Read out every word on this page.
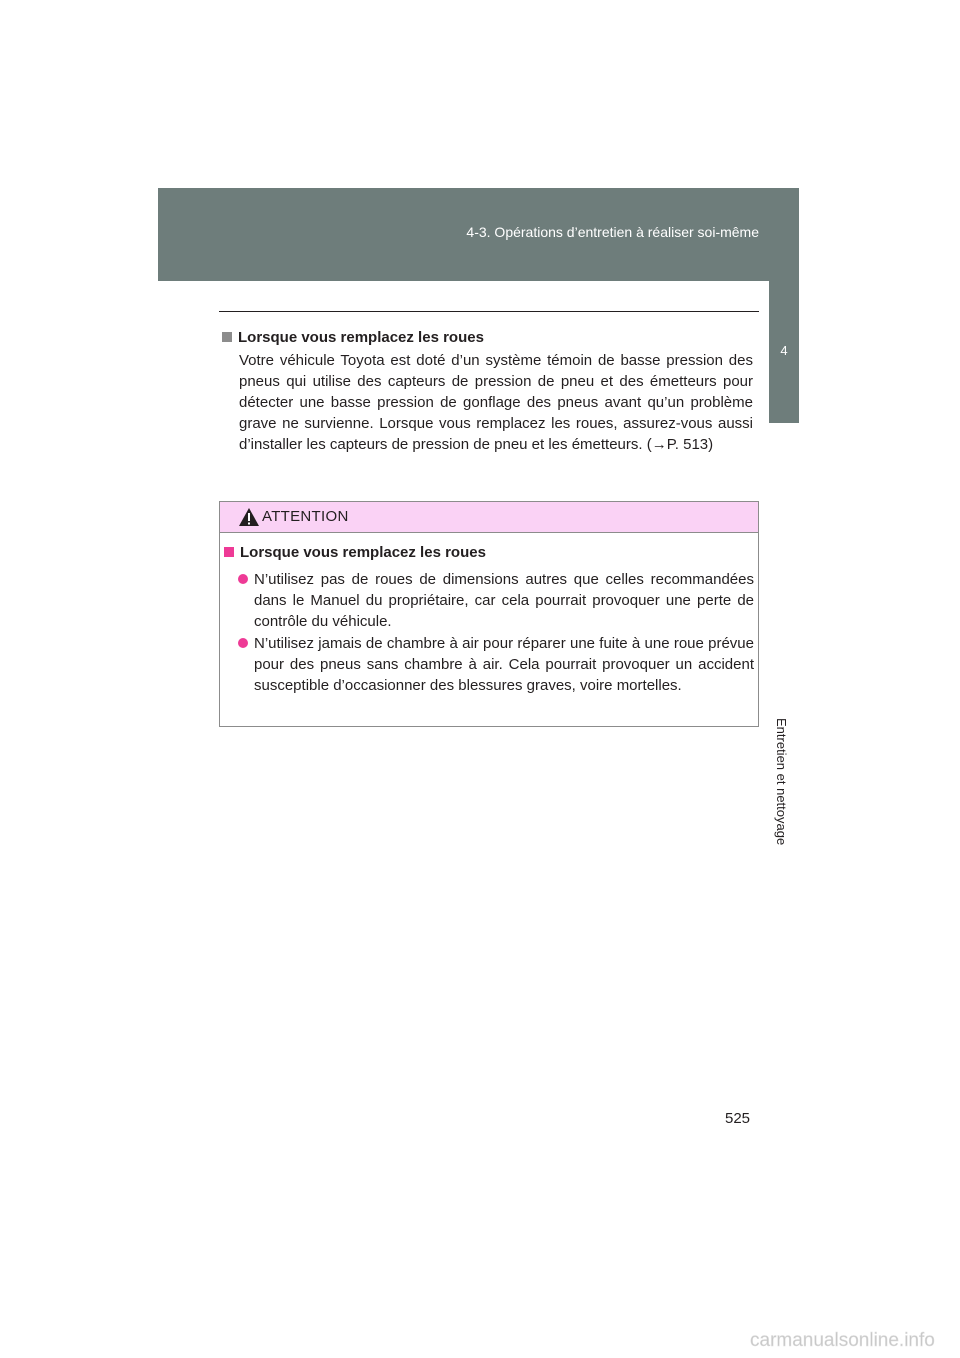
4-3. Opérations d’entretien à réaliser soi-même
4
Entretien et nettoyage
Lorsque vous remplacez les roues
Votre véhicule Toyota est doté d’un système témoin de basse pression des pneus qui utilise des capteurs de pression de pneu et des émetteurs pour détecter une basse pression de gonflage des pneus avant qu’un problème grave ne survienne. Lorsque vous remplacez les roues, assurez-vous aussi d’installer les capteurs de pression de pneu et les émetteurs. (→P. 513)
ATTENTION
Lorsque vous remplacez les roues
N’utilisez pas de roues de dimensions autres que celles recommandées dans le Manuel du propriétaire, car cela pourrait provoquer une perte de contrôle du véhicule.
N’utilisez jamais de chambre à air pour réparer une fuite à une roue prévue pour des pneus sans chambre à air. Cela pourrait provoquer un accident susceptible d’occasionner des blessures graves, voire mortelles.
525
carmanualsonline.info
